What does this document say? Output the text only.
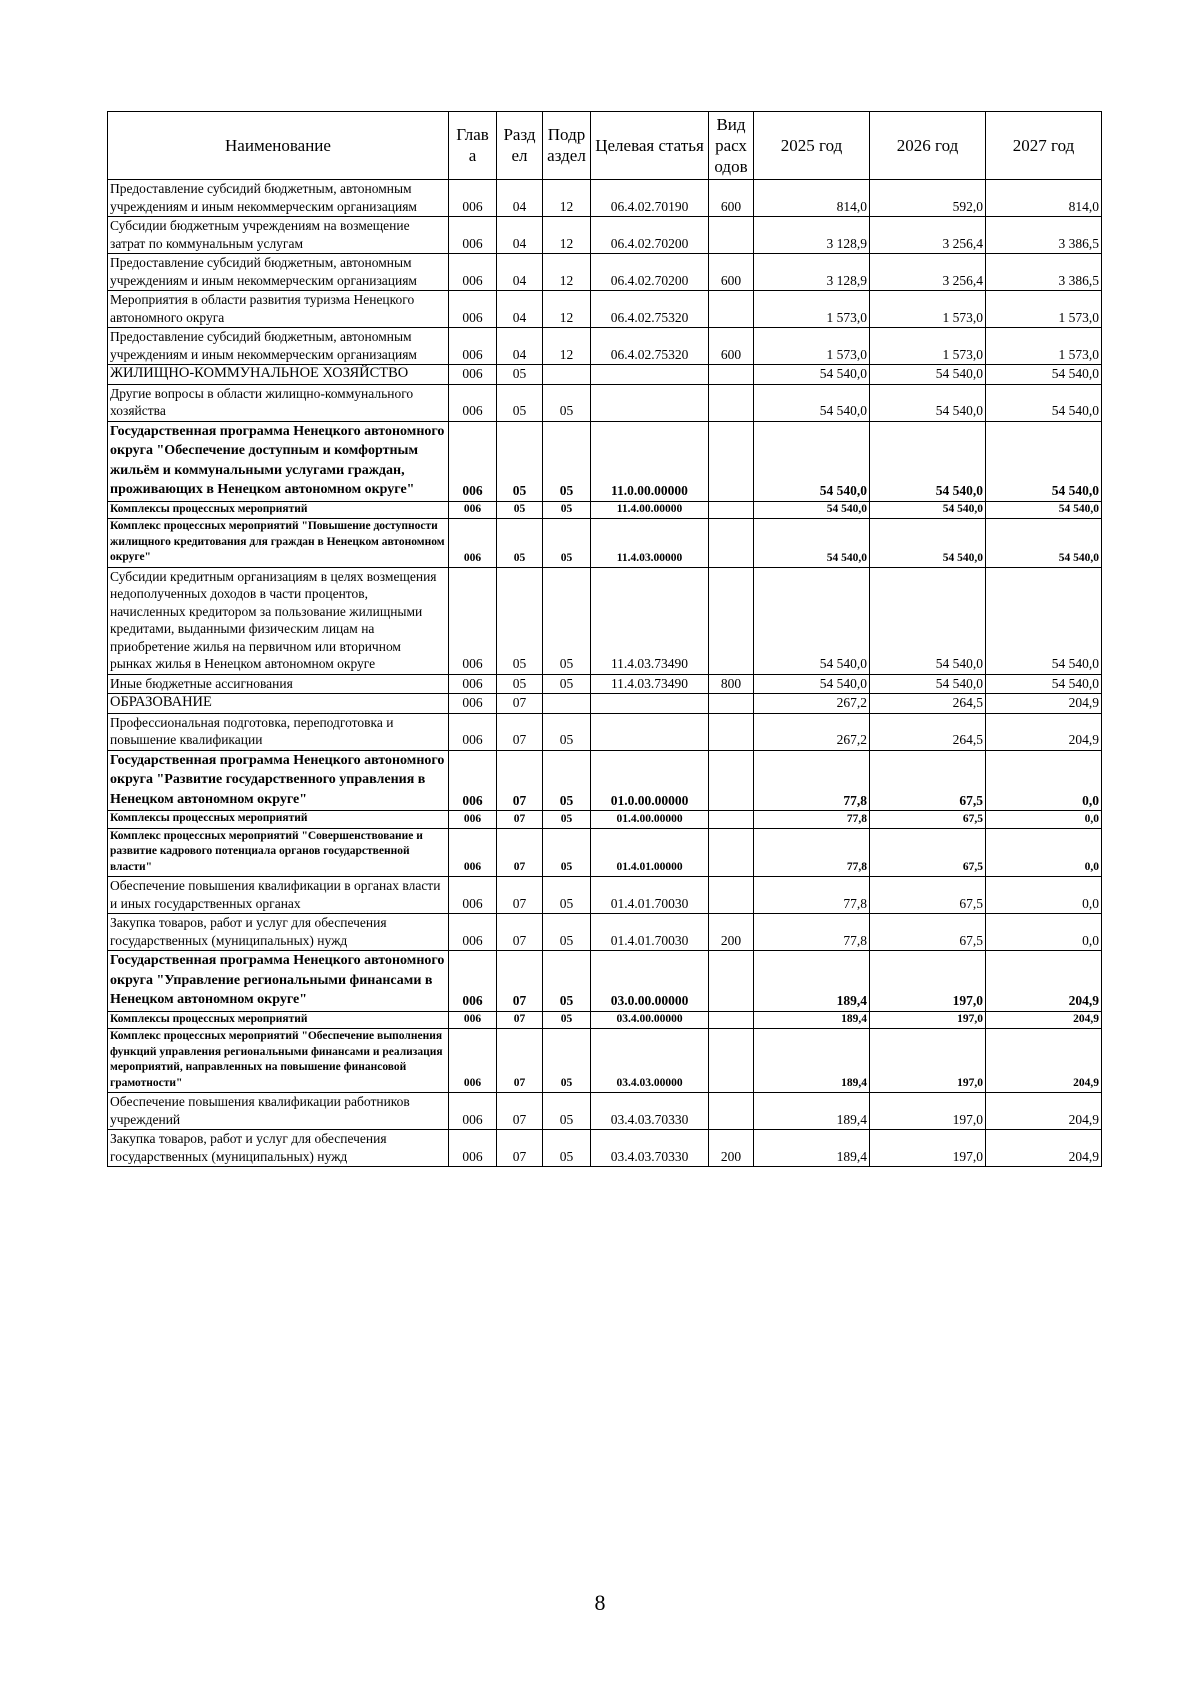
Наименование	Глав а	Разд ел	Подр аздел	Целевая статья	Вид расх одов	2025 год	2026 год	2027 год
Предоставление субсидий бюджетным, автономным учреждениям и иным некоммерческим организациям	006	04	12	06.4.02.70190	600	814,0	592,0	814,0
Субсидии бюджетным учреждениям на возмещение затрат по коммунальным услугам	006	04	12	06.4.02.70200		3 128,9	3 256,4	3 386,5
Предоставление субсидий бюджетным, автономным учреждениям и иным некоммерческим организациям	006	04	12	06.4.02.70200	600	3 128,9	3 256,4	3 386,5
Мероприятия в области развития туризма Ненецкого автономного округа	006	04	12	06.4.02.75320		1 573,0	1 573,0	1 573,0
Предоставление субсидий бюджетным, автономным учреждениям и иным некоммерческим организациям	006	04	12	06.4.02.75320	600	1 573,0	1 573,0	1 573,0
ЖИЛИЩНО-КОММУНАЛЬНОЕ ХОЗЯЙСТВО	006	05				54 540,0	54 540,0	54 540,0
Другие вопросы в области жилищно-коммунального хозяйства	006	05	05			54 540,0	54 540,0	54 540,0
Государственная программа Ненецкого автономного округа "Обеспечение доступным и комфортным жильём и коммунальными услугами граждан, проживающих в Ненецком автономном округе"	006	05	05	11.0.00.00000		54 540,0	54 540,0	54 540,0
Комплексы процессных мероприятий	006	05	05	11.4.00.00000		54 540,0	54 540,0	54 540,0
Комплекс процессных мероприятий "Повышение доступности жилищного кредитования для граждан в Ненецком автономном округе"	006	05	05	11.4.03.00000		54 540,0	54 540,0	54 540,0
Субсидии кредитным организациям в целях возмещения недополученных доходов в части процентов, начисленных кредитором за пользование жилищными кредитами, выданными физическим лицам на приобретение жилья на первичном или вторичном рынках жилья в Ненецком автономном округе	006	05	05	11.4.03.73490		54 540,0	54 540,0	54 540,0
Иные бюджетные ассигнования	006	05	05	11.4.03.73490	800	54 540,0	54 540,0	54 540,0
ОБРАЗОВАНИЕ	006	07				267,2	264,5	204,9
Профессиональная подготовка, переподготовка и повышение квалификации	006	07	05			267,2	264,5	204,9
Государственная программа Ненецкого автономного округа "Развитие государственного управления в Ненецком автономном округе"	006	07	05	01.0.00.00000		77,8	67,5	0,0
Комплексы процессных мероприятий	006	07	05	01.4.00.00000		77,8	67,5	0,0
Комплекс процессных мероприятий "Совершенствование и развитие кадрового потенциала органов государственной власти"	006	07	05	01.4.01.00000		77,8	67,5	0,0
Обеспечение повышения квалификации в органах власти и иных государственных органах	006	07	05	01.4.01.70030		77,8	67,5	0,0
Закупка товаров, работ и услуг для обеспечения государственных (муниципальных) нужд	006	07	05	01.4.01.70030	200	77,8	67,5	0,0
Государственная программа Ненецкого автономного округа "Управление региональными финансами в Ненецком автономном округе"	006	07	05	03.0.00.00000		189,4	197,0	204,9
Комплексы процессных мероприятий	006	07	05	03.4.00.00000		189,4	197,0	204,9
Комплекс процессных мероприятий "Обеспечение выполнения функций управления региональными финансами и реализация мероприятий, направленных на повышение финансовой грамотности"	006	07	05	03.4.03.00000		189,4	197,0	204,9
Обеспечение повышения квалификации работников учреждений	006	07	05	03.4.03.70330		189,4	197,0	204,9
Закупка товаров, работ и услуг для обеспечения государственных (муниципальных) нужд	006	07	05	03.4.03.70330	200	189,4	197,0	204,9
8
